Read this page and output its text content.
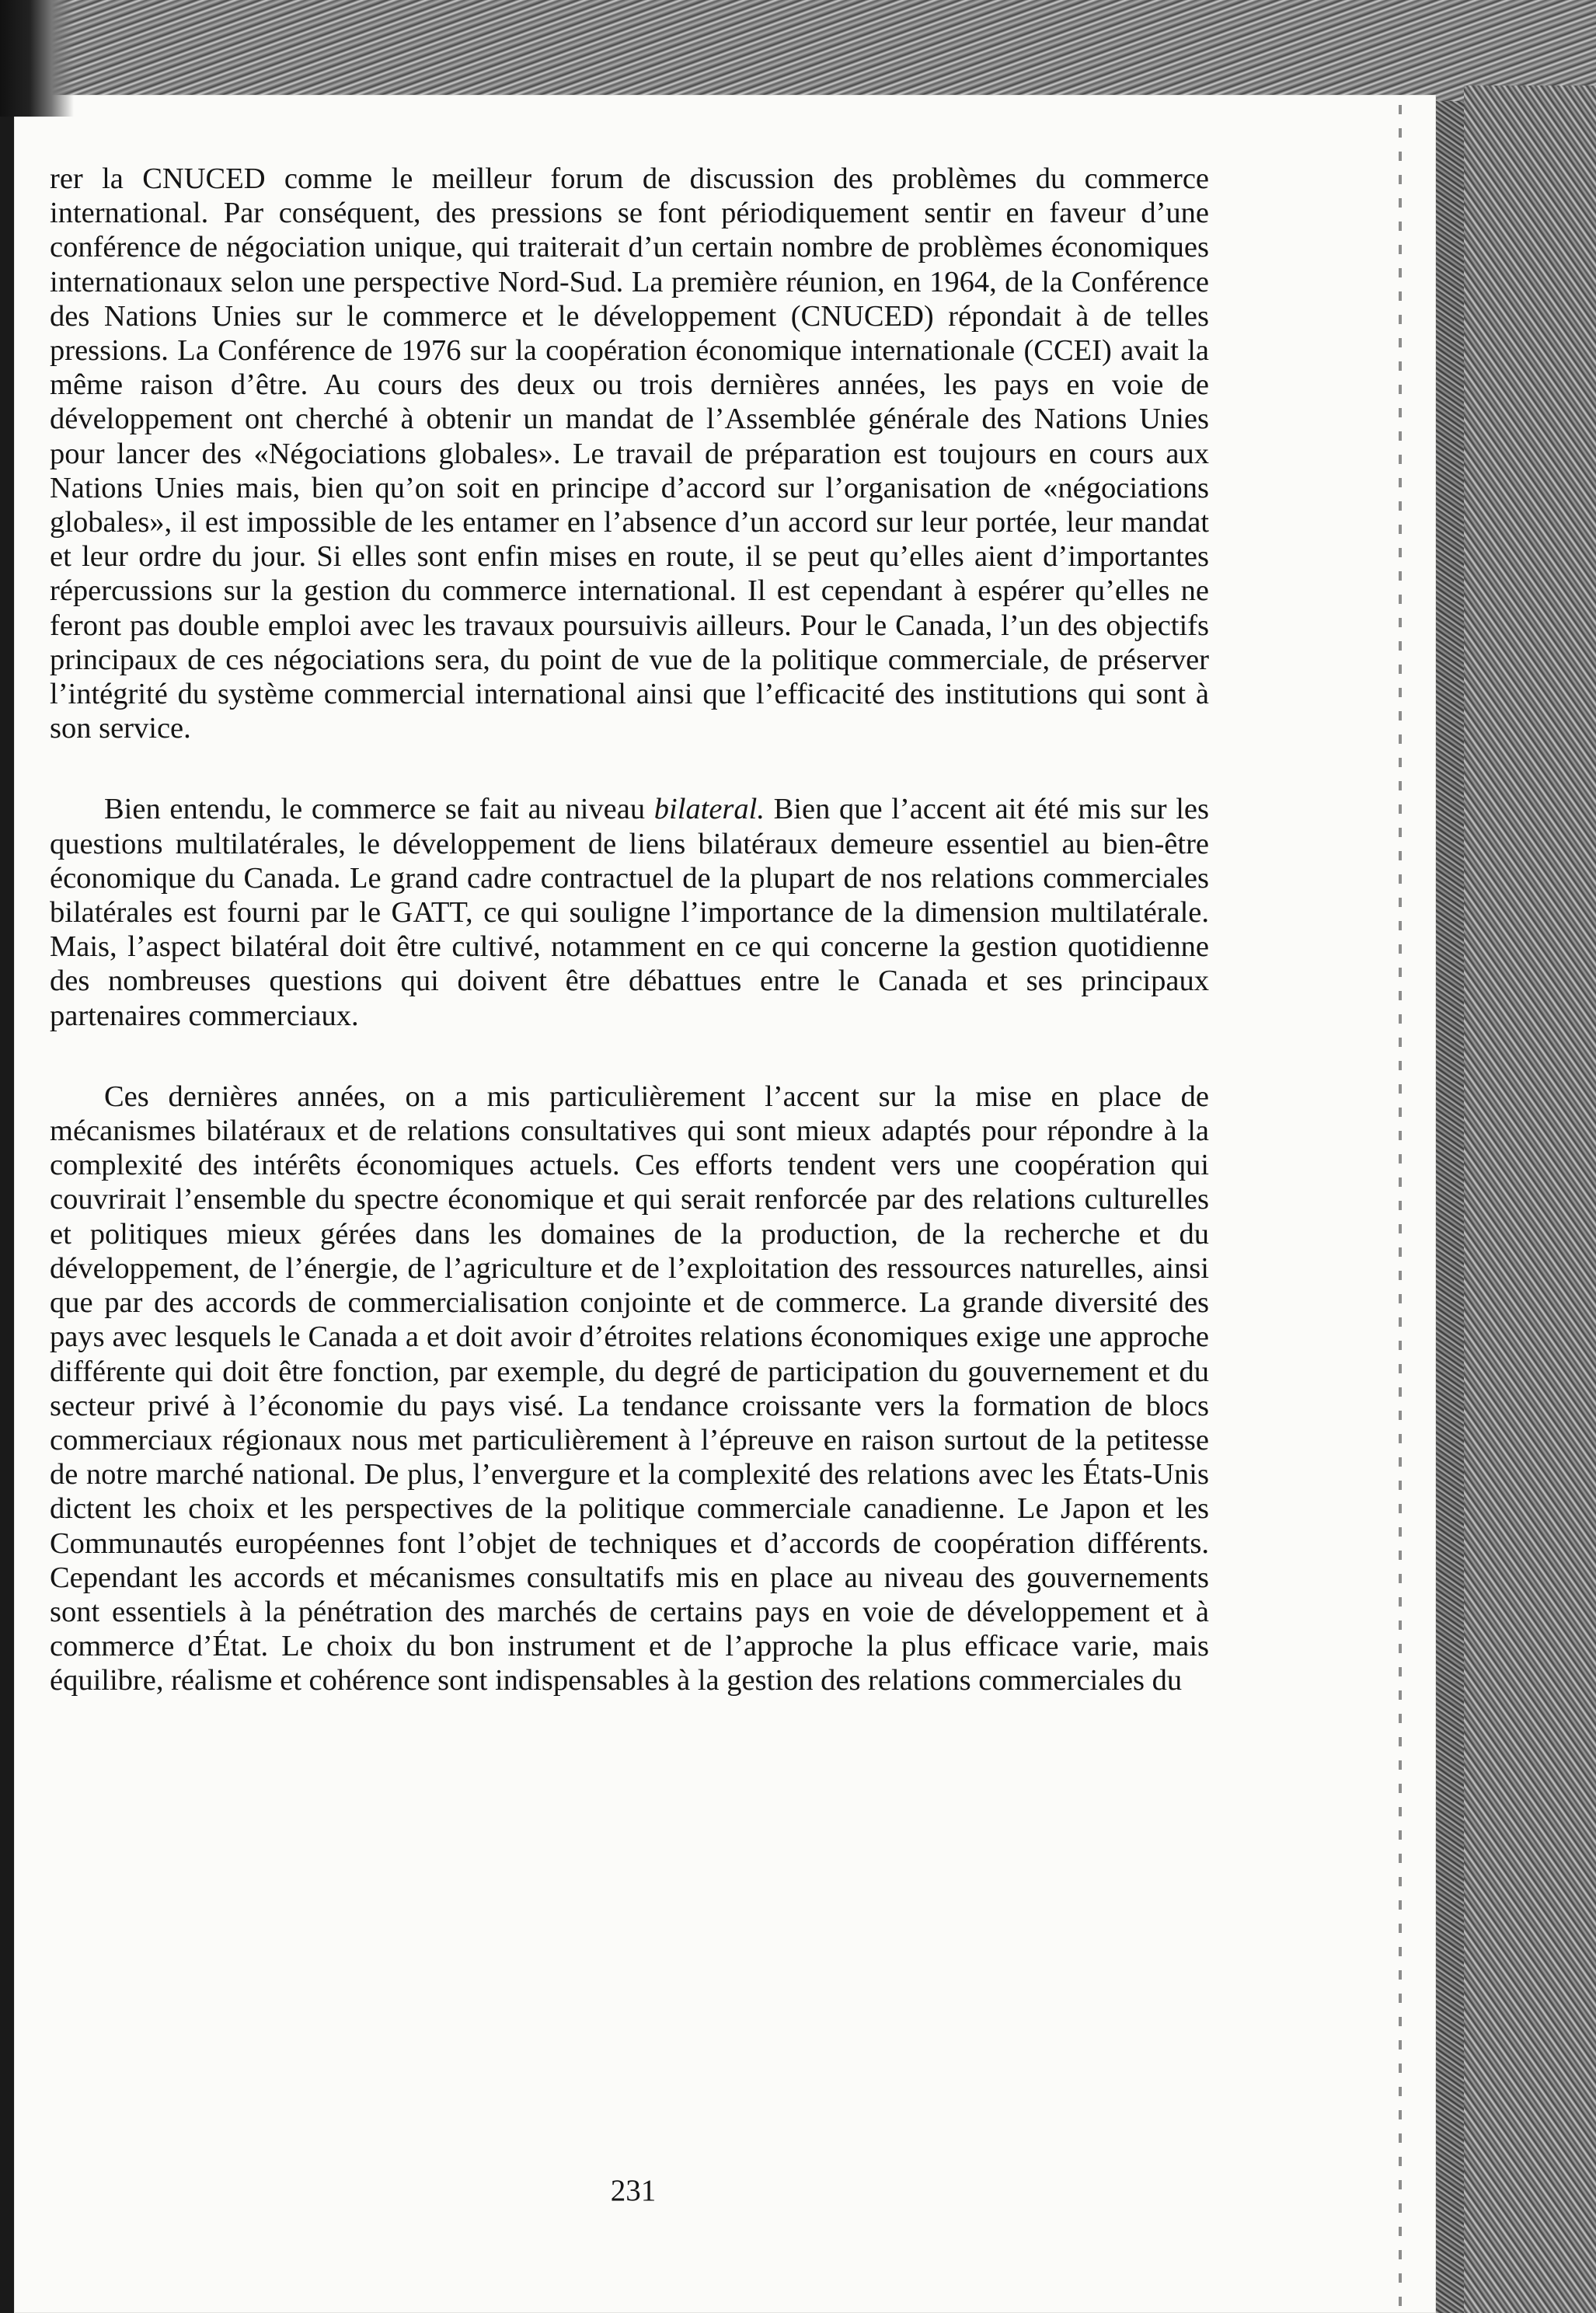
rer la CNUCED comme le meilleur forum de discussion des problèmes du commerce international. Par conséquent, des pressions se font périodiquement sentir en faveur d’une conférence de négociation unique, qui traiterait d’un certain nombre de problèmes économiques internationaux selon une perspective Nord-Sud. La première réunion, en 1964, de la Conférence des Nations Unies sur le commerce et le développement (CNUCED) répondait à de telles pressions. La Conférence de 1976 sur la coopération économique internationale (CCEI) avait la même raison d’être. Au cours des deux ou trois dernières années, les pays en voie de développement ont cherché à obtenir un mandat de l’Assemblée générale des Nations Unies pour lancer des «Négociations globales». Le travail de préparation est toujours en cours aux Nations Unies mais, bien qu’on soit en principe d’accord sur l’organisation de «négociations globales», il est impossible de les entamer en l’absence d’un accord sur leur portée, leur mandat et leur ordre du jour. Si elles sont enfin mises en route, il se peut qu’elles aient d’importantes répercussions sur la gestion du commerce international. Il est cependant à espérer qu’elles ne feront pas double emploi avec les travaux poursuivis ailleurs. Pour le Canada, l’un des objectifs principaux de ces négociations sera, du point de vue de la politique commerciale, de préserver l’intégrité du système commercial international ainsi que l’efficacité des institutions qui sont à son service.

Bien entendu, le commerce se fait au niveau bilateral. Bien que l’accent ait été mis sur les questions multilatérales, le développement de liens bilatéraux demeure essentiel au bien-être économique du Canada. Le grand cadre contractuel de la plupart de nos relations commerciales bilatérales est fourni par le GATT, ce qui souligne l’importance de la dimension multilatérale. Mais, l’aspect bilatéral doit être cultivé, notamment en ce qui concerne la gestion quotidienne des nombreuses questions qui doivent être débattues entre le Canada et ses principaux partenaires commerciaux.

Ces dernières années, on a mis particulièrement l’accent sur la mise en place de mécanismes bilatéraux et de relations consultatives qui sont mieux adaptés pour répondre à la complexité des intérêts économiques actuels. Ces efforts tendent vers une coopération qui couvrirait l’ensemble du spectre économique et qui serait renforcée par des relations culturelles et politiques mieux gérées dans les domaines de la production, de la recherche et du développement, de l’énergie, de l’agriculture et de l’exploitation des ressources naturelles, ainsi que par des accords de commercialisation conjointe et de commerce. La grande diversité des pays avec lesquels le Canada a et doit avoir d’étroites relations économiques exige une approche différente qui doit être fonction, par exemple, du degré de participation du gouvernement et du secteur privé à l’économie du pays visé. La tendance croissante vers la formation de blocs commerciaux régionaux nous met particulièrement à l’épreuve en raison surtout de la petitesse de notre marché national. De plus, l’envergure et la complexité des relations avec les États-Unis dictent les choix et les perspectives de la politique commerciale canadienne. Le Japon et les Communautés européennes font l’objet de techniques et d’accords de coopération différents. Cependant les accords et mécanismes consultatifs mis en place au niveau des gouvernements sont essentiels à la pénétration des marchés de certains pays en voie de développement et à commerce d’État. Le choix du bon instrument et de l’approche la plus efficace varie, mais équilibre, réalisme et cohérence sont indispensables à la gestion des relations commerciales du

231
